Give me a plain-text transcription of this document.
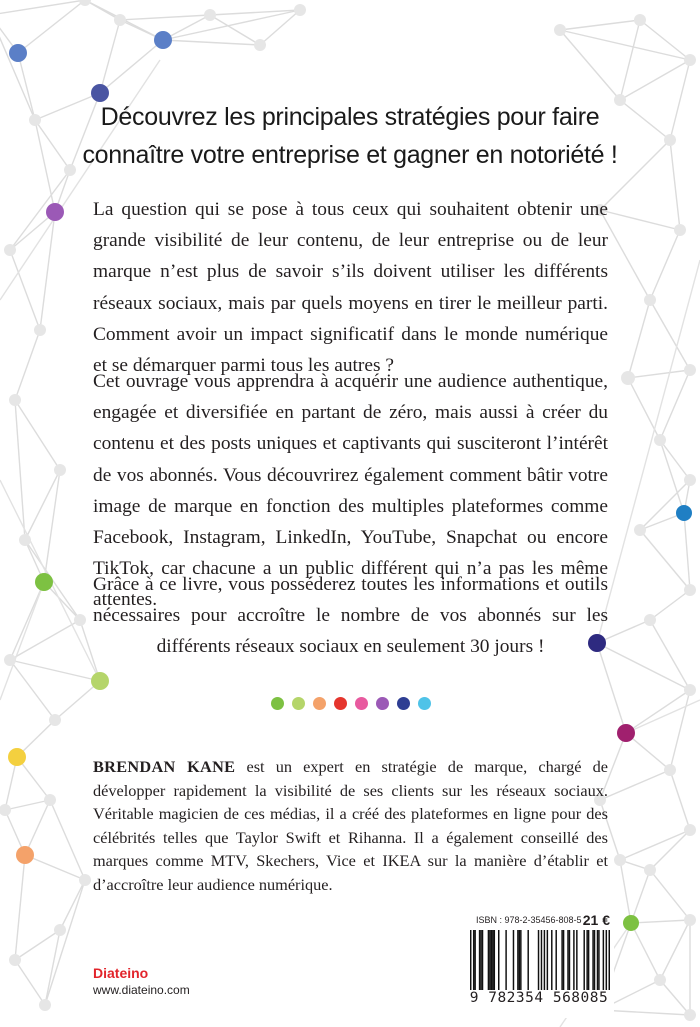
Découvrez les principales stratégies pour faire connaître votre entreprise et gagner en notoriété !

La question qui se pose à tous ceux qui souhaitent obtenir une grande visibilité de leur contenu, de leur entreprise ou de leur marque n’est plus de savoir s’ils doivent utiliser les différents réseaux sociaux, mais par quels moyens en tirer le meilleur parti. Comment avoir un impact significatif dans le monde numérique et se démarquer parmi tous les autres ?

Cet ouvrage vous apprendra à acquérir une audience authentique, engagée et diversifiée en partant de zéro, mais aussi à créer du contenu et des posts uniques et captivants qui susciteront l’intérêt de vos abonnés. Vous découvrirez également comment bâtir votre image de marque en fonction des multiples plateformes comme Facebook, Instagram, LinkedIn, YouTube, Snapchat ou encore TikTok, car chacune a un public différent qui n’a pas les même attentes.

Grâce à ce livre, vous posséderez toutes les informations et outils nécessaires pour accroître le nombre de vos abonnés sur les différents réseaux sociaux en seulement 30 jours !

BRENDAN KANE est un expert en stratégie de marque, chargé de développer rapidement la visibilité de ses clients sur les réseaux sociaux. Véritable magicien de ces médias, il a créé des plateformes en ligne pour des célébrités telles que Taylor Swift et Rihanna. Il a également conseillé des marques comme MTV, Skechers, Vice et IKEA sur la manière d’établir et d’accroître leur audience numérique.

Diateino
www.diateino.com
ISBN : 978-2-35456-808-5 21 €
9 782354 568085
